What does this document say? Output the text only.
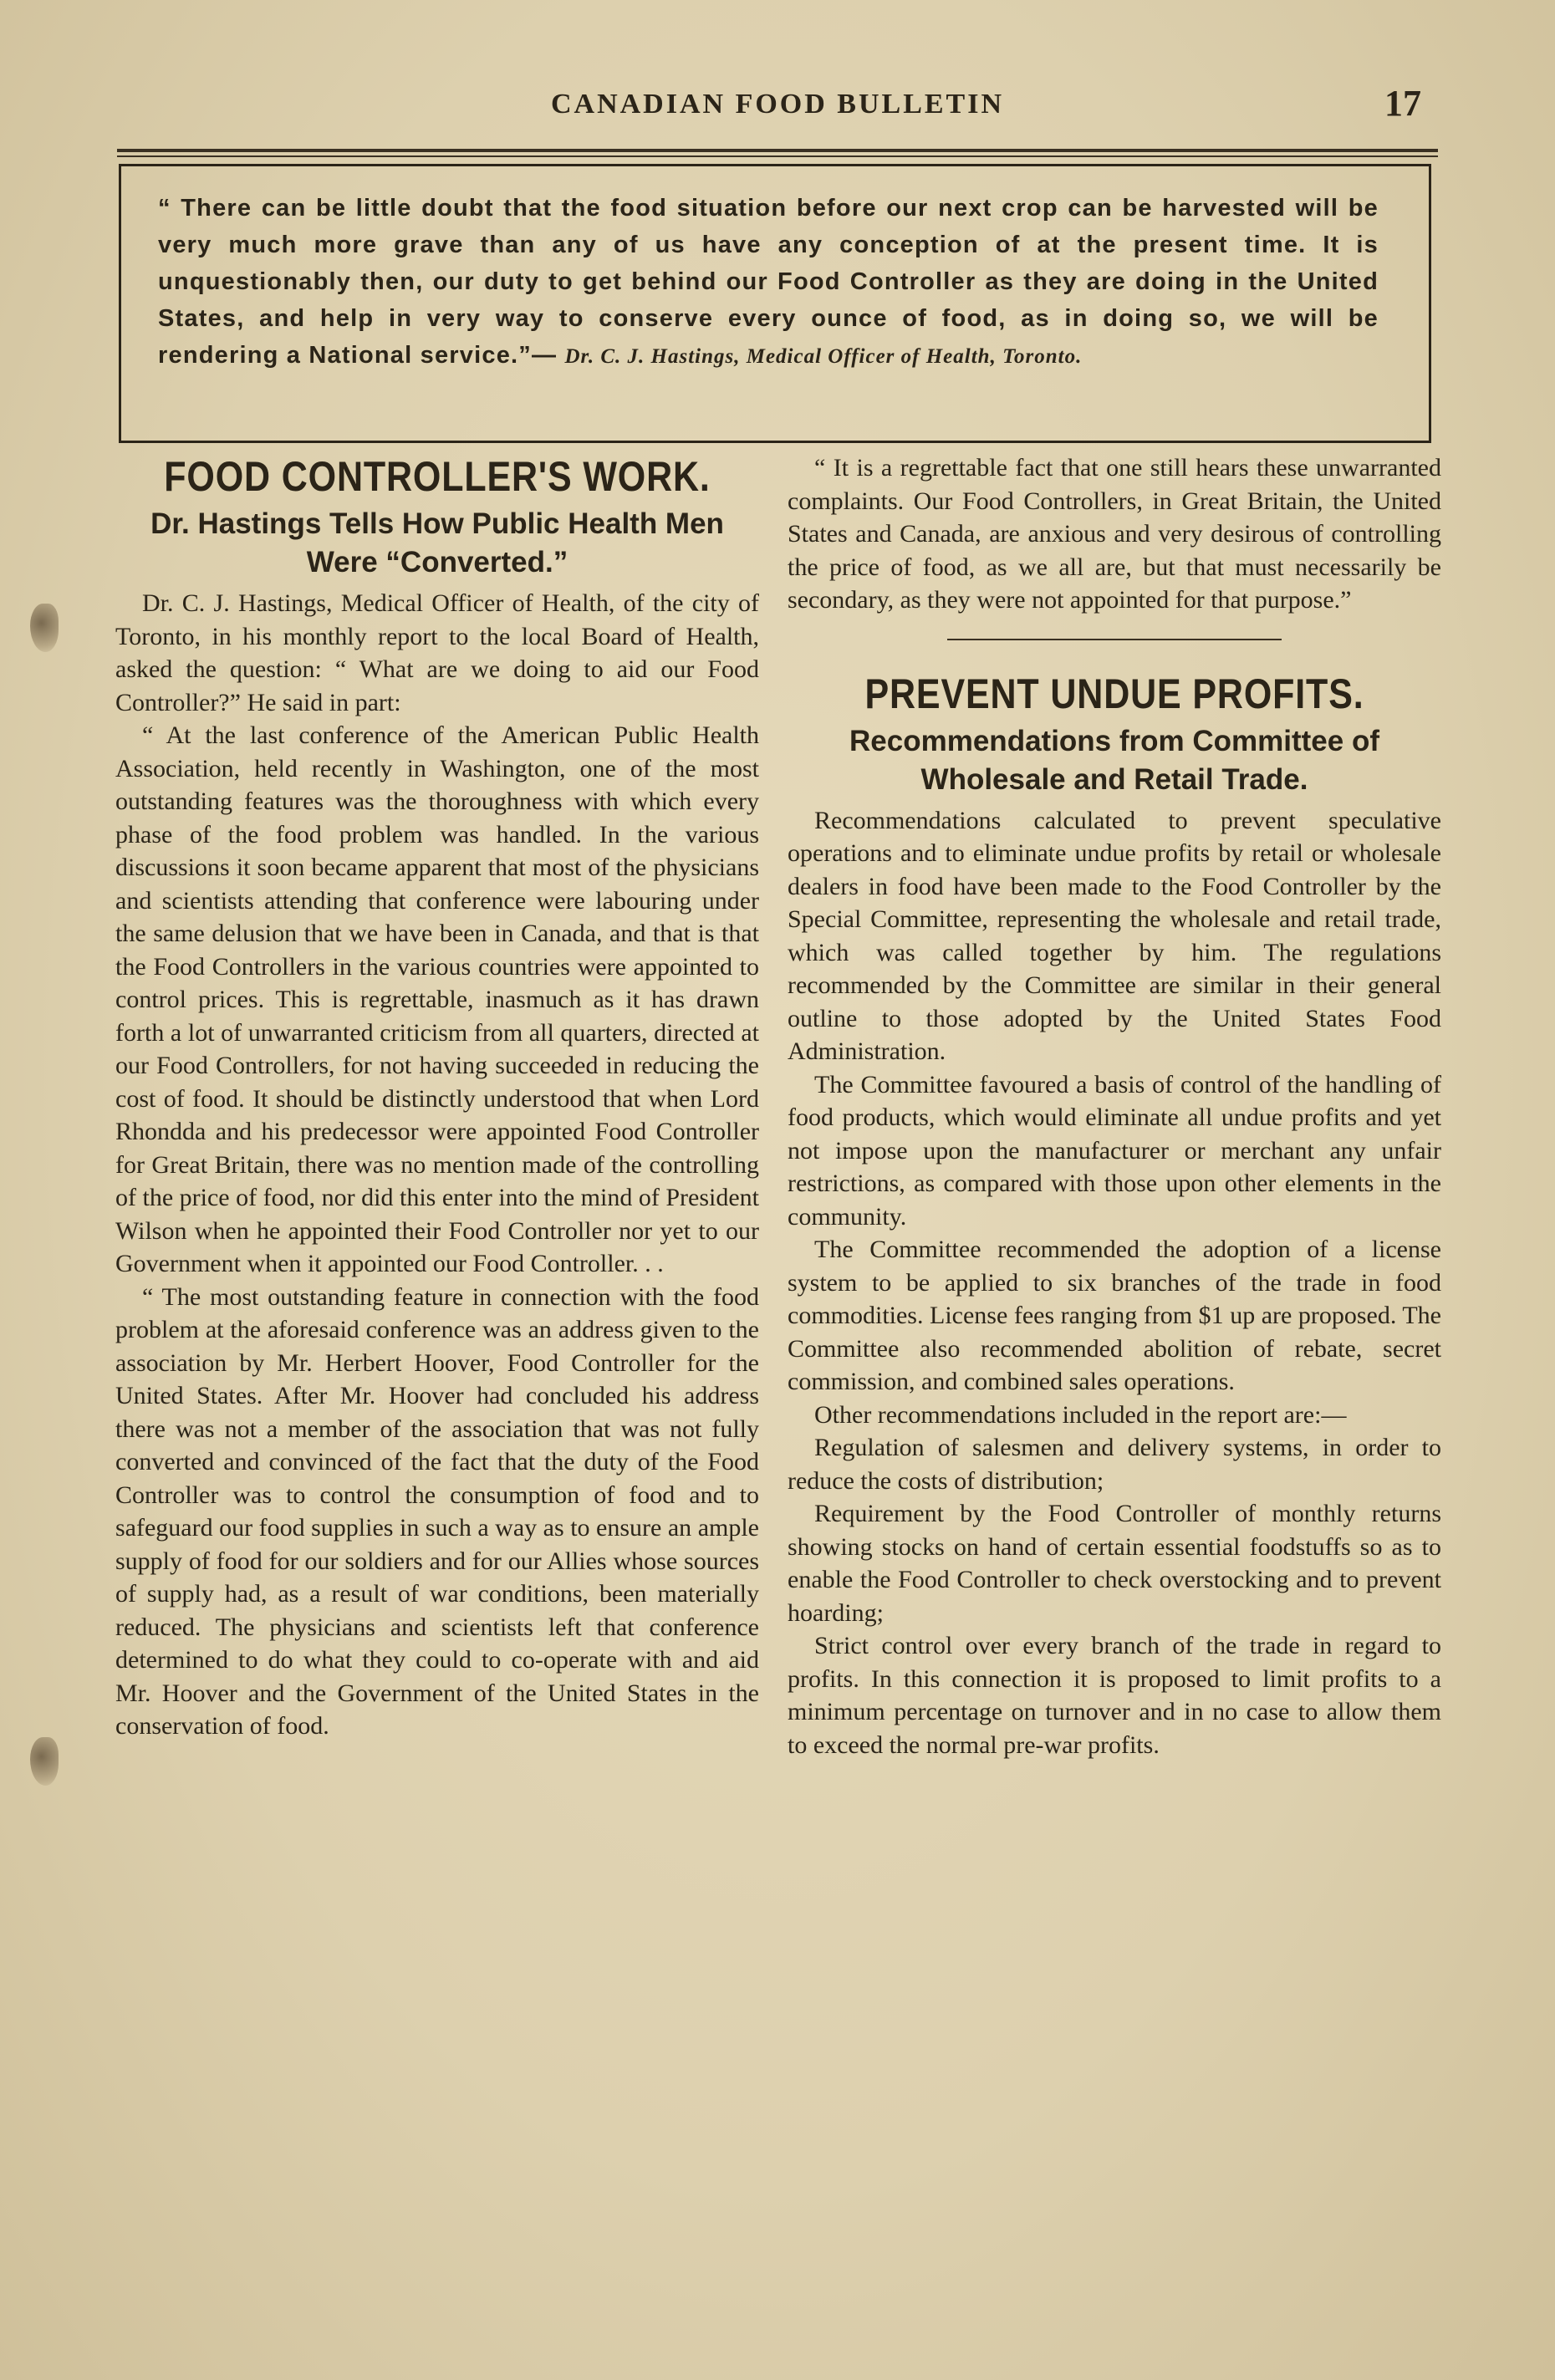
CANADIAN FOOD BULLETIN	17

“ There can be little doubt that the food situation before our next crop can be harvested will be very much more grave than any of us have any conception of at the present time. It is unquestionably then, our duty to get behind our Food Controller as they are doing in the United States, and help in very way to conserve every ounce of food, as in doing so, we will be rendering a National service.”— Dr. C. J. Hastings, Medical Officer of Health, Toronto.

FOOD CONTROLLER'S WORK.
Dr. Hastings Tells How Public Health Men Were “Converted.”

Dr. C. J. Hastings, Medical Officer of Health, of the city of Toronto, in his monthly report to the local Board of Health, asked the question: “ What are we doing to aid our Food Controller?” He said in part:

“ At the last conference of the American Public Health Association, held recently in Washington, one of the most outstanding features was the thoroughness with which every phase of the food problem was handled. In the various discussions it soon became apparent that most of the physicians and scientists attending that conference were labouring under the same delusion that we have been in Canada, and that is that the Food Controllers in the various countries were appointed to control prices. This is regrettable, inasmuch as it has drawn forth a lot of unwarranted criticism from all quarters, directed at our Food Controllers, for not having succeeded in reducing the cost of food. It should be distinctly understood that when Lord Rhondda and his predecessor were appointed Food Controller for Great Britain, there was no mention made of the controlling of the price of food, nor did this enter into the mind of President Wilson when he appointed their Food Controller nor yet to our Government when it appointed our Food Controller. . .

“ The most outstanding feature in connection with the food problem at the aforesaid conference was an address given to the association by Mr. Herbert Hoover, Food Controller for the United States. After Mr. Hoover had concluded his address there was not a member of the association that was not fully converted and convinced of the fact that the duty of the Food Controller was to control the consumption of food and to safeguard our food supplies in such a way as to ensure an ample supply of food for our soldiers and for our Allies whose sources of supply had, as a result of war conditions, been materially reduced. The physicians and scientists left that conference determined to do what they could to co-operate with and aid Mr. Hoover and the Government of the United States in the conservation of food.

“ It is a regrettable fact that one still hears these unwarranted complaints. Our Food Controllers, in Great Britain, the United States and Canada, are anxious and very desirous of controlling the price of food, as we all are, but that must necessarily be secondary, as they were not appointed for that purpose.”

PREVENT UNDUE PROFITS.
Recommendations from Committee of Wholesale and Retail Trade.

Recommendations calculated to prevent speculative operations and to eliminate undue profits by retail or wholesale dealers in food have been made to the Food Controller by the Special Committee, representing the wholesale and retail trade, which was called together by him. The regulations recommended by the Committee are similar in their general outline to those adopted by the United States Food Administration.

The Committee favoured a basis of control of the handling of food products, which would eliminate all undue profits and yet not impose upon the manufacturer or merchant any unfair restrictions, as compared with those upon other elements in the community.

The Committee recommended the adoption of a license system to be applied to six branches of the trade in food commodities. License fees ranging from $1 up are proposed. The Committee also recommended abolition of rebate, secret commission, and combined sales operations.

Other recommendations included in the report are:—

Regulation of salesmen and delivery systems, in order to reduce the costs of distribution;

Requirement by the Food Controller of monthly returns showing stocks on hand of certain essential foodstuffs so as to enable the Food Controller to check overstocking and to prevent hoarding;

Strict control over every branch of the trade in regard to profits. In this connection it is proposed to limit profits to a minimum percentage on turnover and in no case to allow them to exceed the normal pre-war profits.
